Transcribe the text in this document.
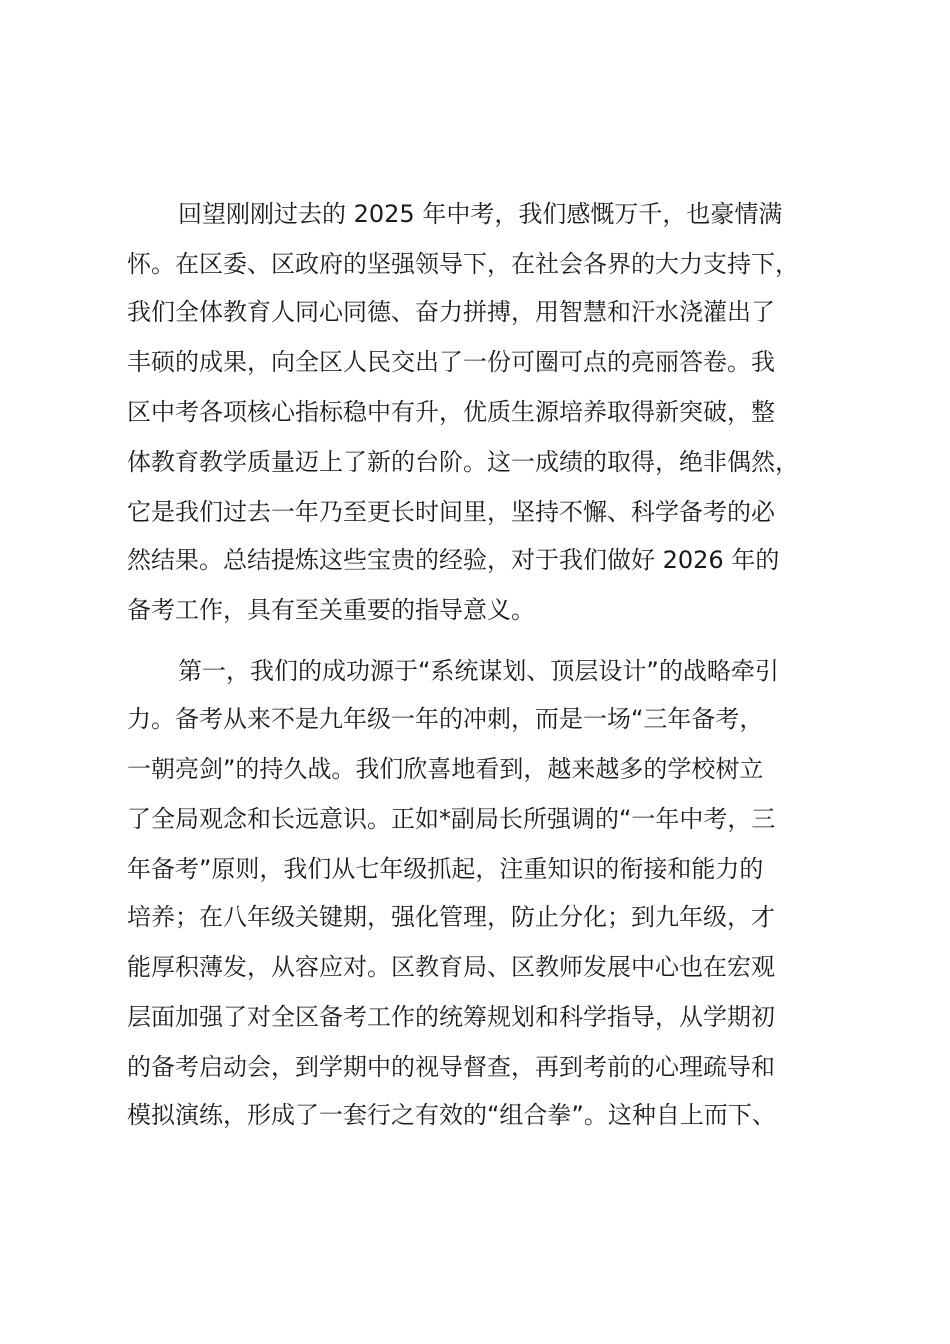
回望刚刚过去的 2025 年中考，我们感慨万千，也豪情满
怀。在区委、区政府的坚强领导下，在社会各界的大力支持下，
我们全体教育人同心同德、奋力拼搏，用智慧和汗水浇灌出了
丰硕的成果，向全区人民交出了一份可圈可点的亮丽答卷。我
区中考各项核心指标稳中有升，优质生源培养取得新突破，整
体教育教学质量迈上了新的台阶。这一成绩的取得，绝非偶然，
它是我们过去一年乃至更长时间里，坚持不懈、科学备考的必
然结果。总结提炼这些宝贵的经验，对于我们做好 2026 年的
备考工作，具有至关重要的指导意义。
第一，我们的成功源于“系统谋划、顶层设计”的战略牵引
力。备考从来不是九年级一年的冲刺，而是一场“三年备考，
一朝亮剑”的持久战。我们欣喜地看到，越来越多的学校树立
了全局观念和长远意识。正如*副局长所强调的“一年中考，三
年备考”原则，我们从七年级抓起，注重知识的衔接和能力的
培养；在八年级关键期，强化管理，防止分化；到九年级，才
能厚积薄发，从容应对。区教育局、区教师发展中心也在宏观
层面加强了对全区备考工作的统筹规划和科学指导，从学期初
的备考启动会，到学期中的视导督查，再到考前的心理疏导和
模拟演练，形成了一套行之有效的“组合拳”。这种自上而下、
